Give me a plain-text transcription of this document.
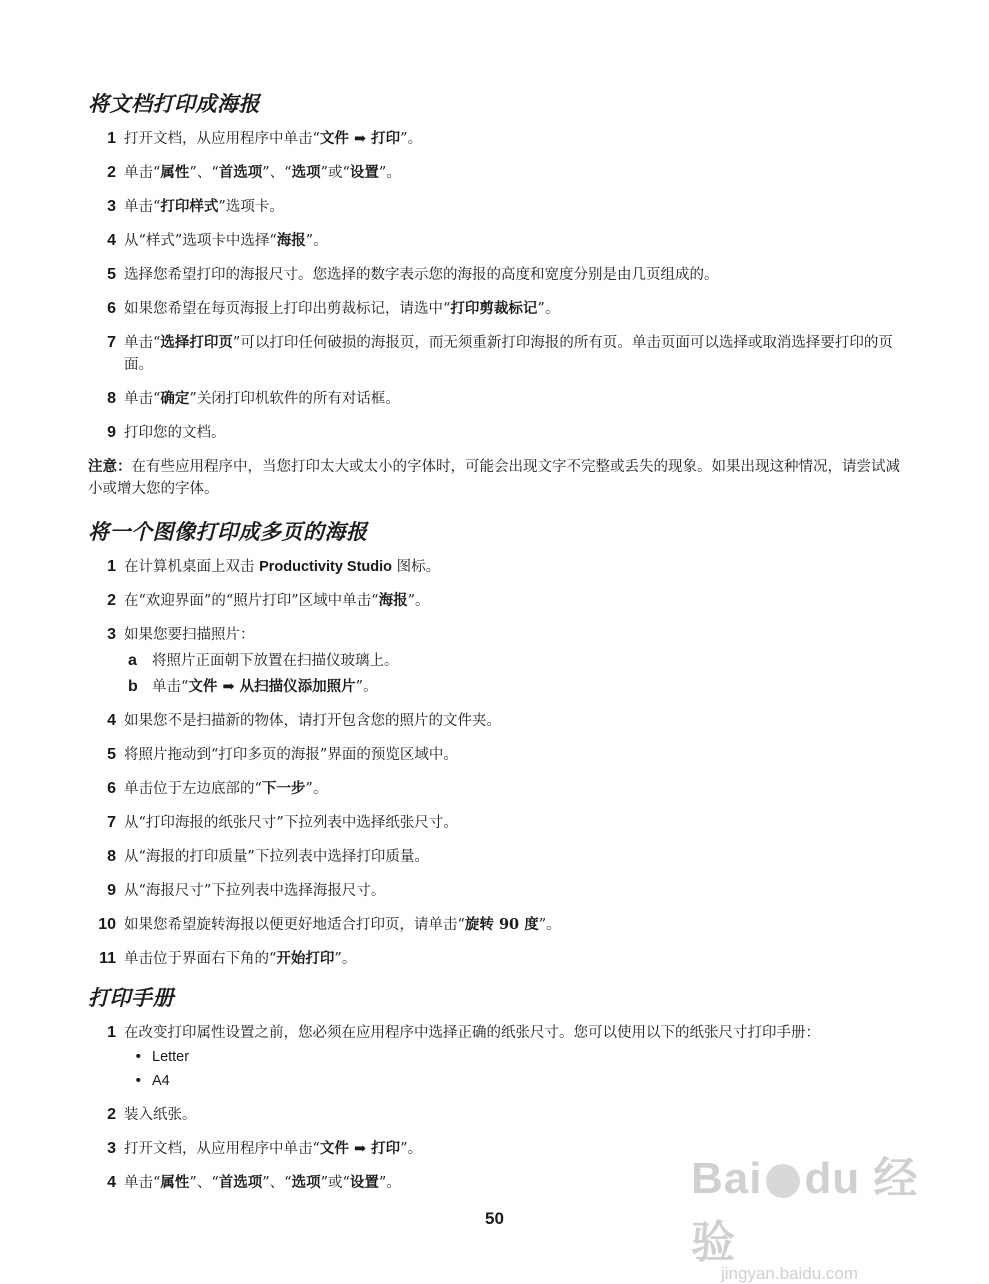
将文档打印成海报
1 打开文档，从应用程序中单击“文件 ➡ 打印”。
2 单击“属性”、“首选项”、“选项”或“设置”。
3 单击“打印样式”选项卡。
4 从“样式”选项卡中选择“海报”。
5 选择您希望打印的海报尺寸。您选择的数字表示您的海报的高度和宽度分别是由几页组成的。
6 如果您希望在每页海报上打印出剪裁标记，请选中“打印剪裁标记”。
7 单击“选择打印页”可以打印任何破损的海报页，而无须重新打印海报的所有页。单击页面可以选择或取消选择要打印的页面。
8 单击“确定”关闭打印机软件的所有对话框。
9 打印您的文档。

注意：在有些应用程序中，当您打印太大或太小的字体时，可能会出现文字不完整或丢失的现象。如果出现这种情况，请尝试减小或增大您的字体。

将一个图像打印成多页的海报
1 在计算机桌面上双击 Productivity Studio 图标。
2 在“欢迎界面”的“照片打印”区域中单击“海报”。
3 如果您要扫描照片：
a	将照片正面朝下放置在扫描仪玻璃上。
b 单击“文件 ➡ 从扫描仪添加照片”。
4 如果您不是扫描新的物体，请打开包含您的照片的文件夹。
5 将照片拖动到“打印多页的海报”界面的预览区域中。
6 单击位于左边底部的“下一步”。
7 从“打印海报的纸张尺寸”下拉列表中选择纸张尺寸。
8 从“海报的打印质量”下拉列表中选择打印质量。
9 从“海报尺寸”下拉列表中选择海报尺寸。
10 如果您希望旋转海报以便更好地适合打印页，请单击“旋转 90 度”。
11 单击位于界面右下角的“开始打印”。
打印手册
1 在改变打印属性设置之前，您必须在应用程序中选择正确的纸张尺寸。您可以使用以下的纸张尺寸打印手册：
• Letter
• A4
2 装入纸张。
3 打开文档，从应用程序中单击“文件 ➡ 打印”。
4 单击“属性”、“首选项”、“选项”或“设置”。	Bai du 经验
jingyan.baidu.com
50
